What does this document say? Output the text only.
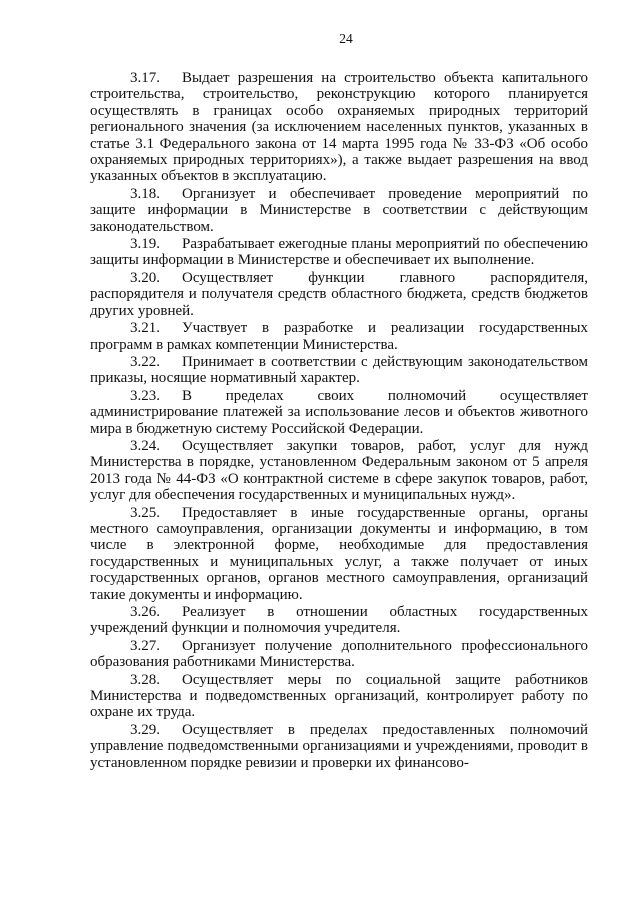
24

3.17. Выдает разрешения на строительство объекта капитального строительства, строительство, реконструкцию которого планируется осуществлять в границах особо охраняемых природных территорий регионального значения (за исключением населенных пунктов, указанных в статье 3.1 Федерального закона от 14 марта 1995 года № 33-ФЗ «Об особо охраняемых природных территориях»), а также выдает разрешения на ввод указанных объектов в эксплуатацию.

3.18. Организует и обеспечивает проведение мероприятий по защите информации в Министерстве в соответствии с действующим законодательством.

3.19. Разрабатывает ежегодные планы мероприятий по обеспечению защиты информации в Министерстве и обеспечивает их выполнение.

3.20. Осуществляет функции главного распорядителя, распорядителя и получателя средств областного бюджета, средств бюджетов других уровней.

3.21. Участвует в разработке и реализации государственных программ в рамках компетенции Министерства.

3.22. Принимает в соответствии с действующим законодательством приказы, носящие нормативный характер.

3.23. В пределах своих полномочий осуществляет администрирование платежей за использование лесов и объектов животного мира в бюджетную систему Российской Федерации.

3.24. Осуществляет закупки товаров, работ, услуг для нужд Министерства в порядке, установленном Федеральным законом от 5 апреля 2013 года № 44-ФЗ «О контрактной системе в сфере закупок товаров, работ, услуг для обеспечения государственных и муниципальных нужд».

3.25. Предоставляет в иные государственные органы, органы местного самоуправления, организации документы и информацию, в том числе в электронной форме, необходимые для предоставления государственных и муниципальных услуг, а также получает от иных государственных органов, органов местного самоуправления, организаций такие документы и информацию.

3.26. Реализует в отношении областных государственных учреждений функции и полномочия учредителя.

3.27. Организует получение дополнительного профессионального образования работниками Министерства.

3.28. Осуществляет меры по социальной защите работников Министерства и подведомственных организаций, контролирует работу по охране их труда.

3.29. Осуществляет в пределах предоставленных полномочий управление подведомственными организациями и учреждениями, проводит в установленном порядке ревизии и проверки их финансово-
